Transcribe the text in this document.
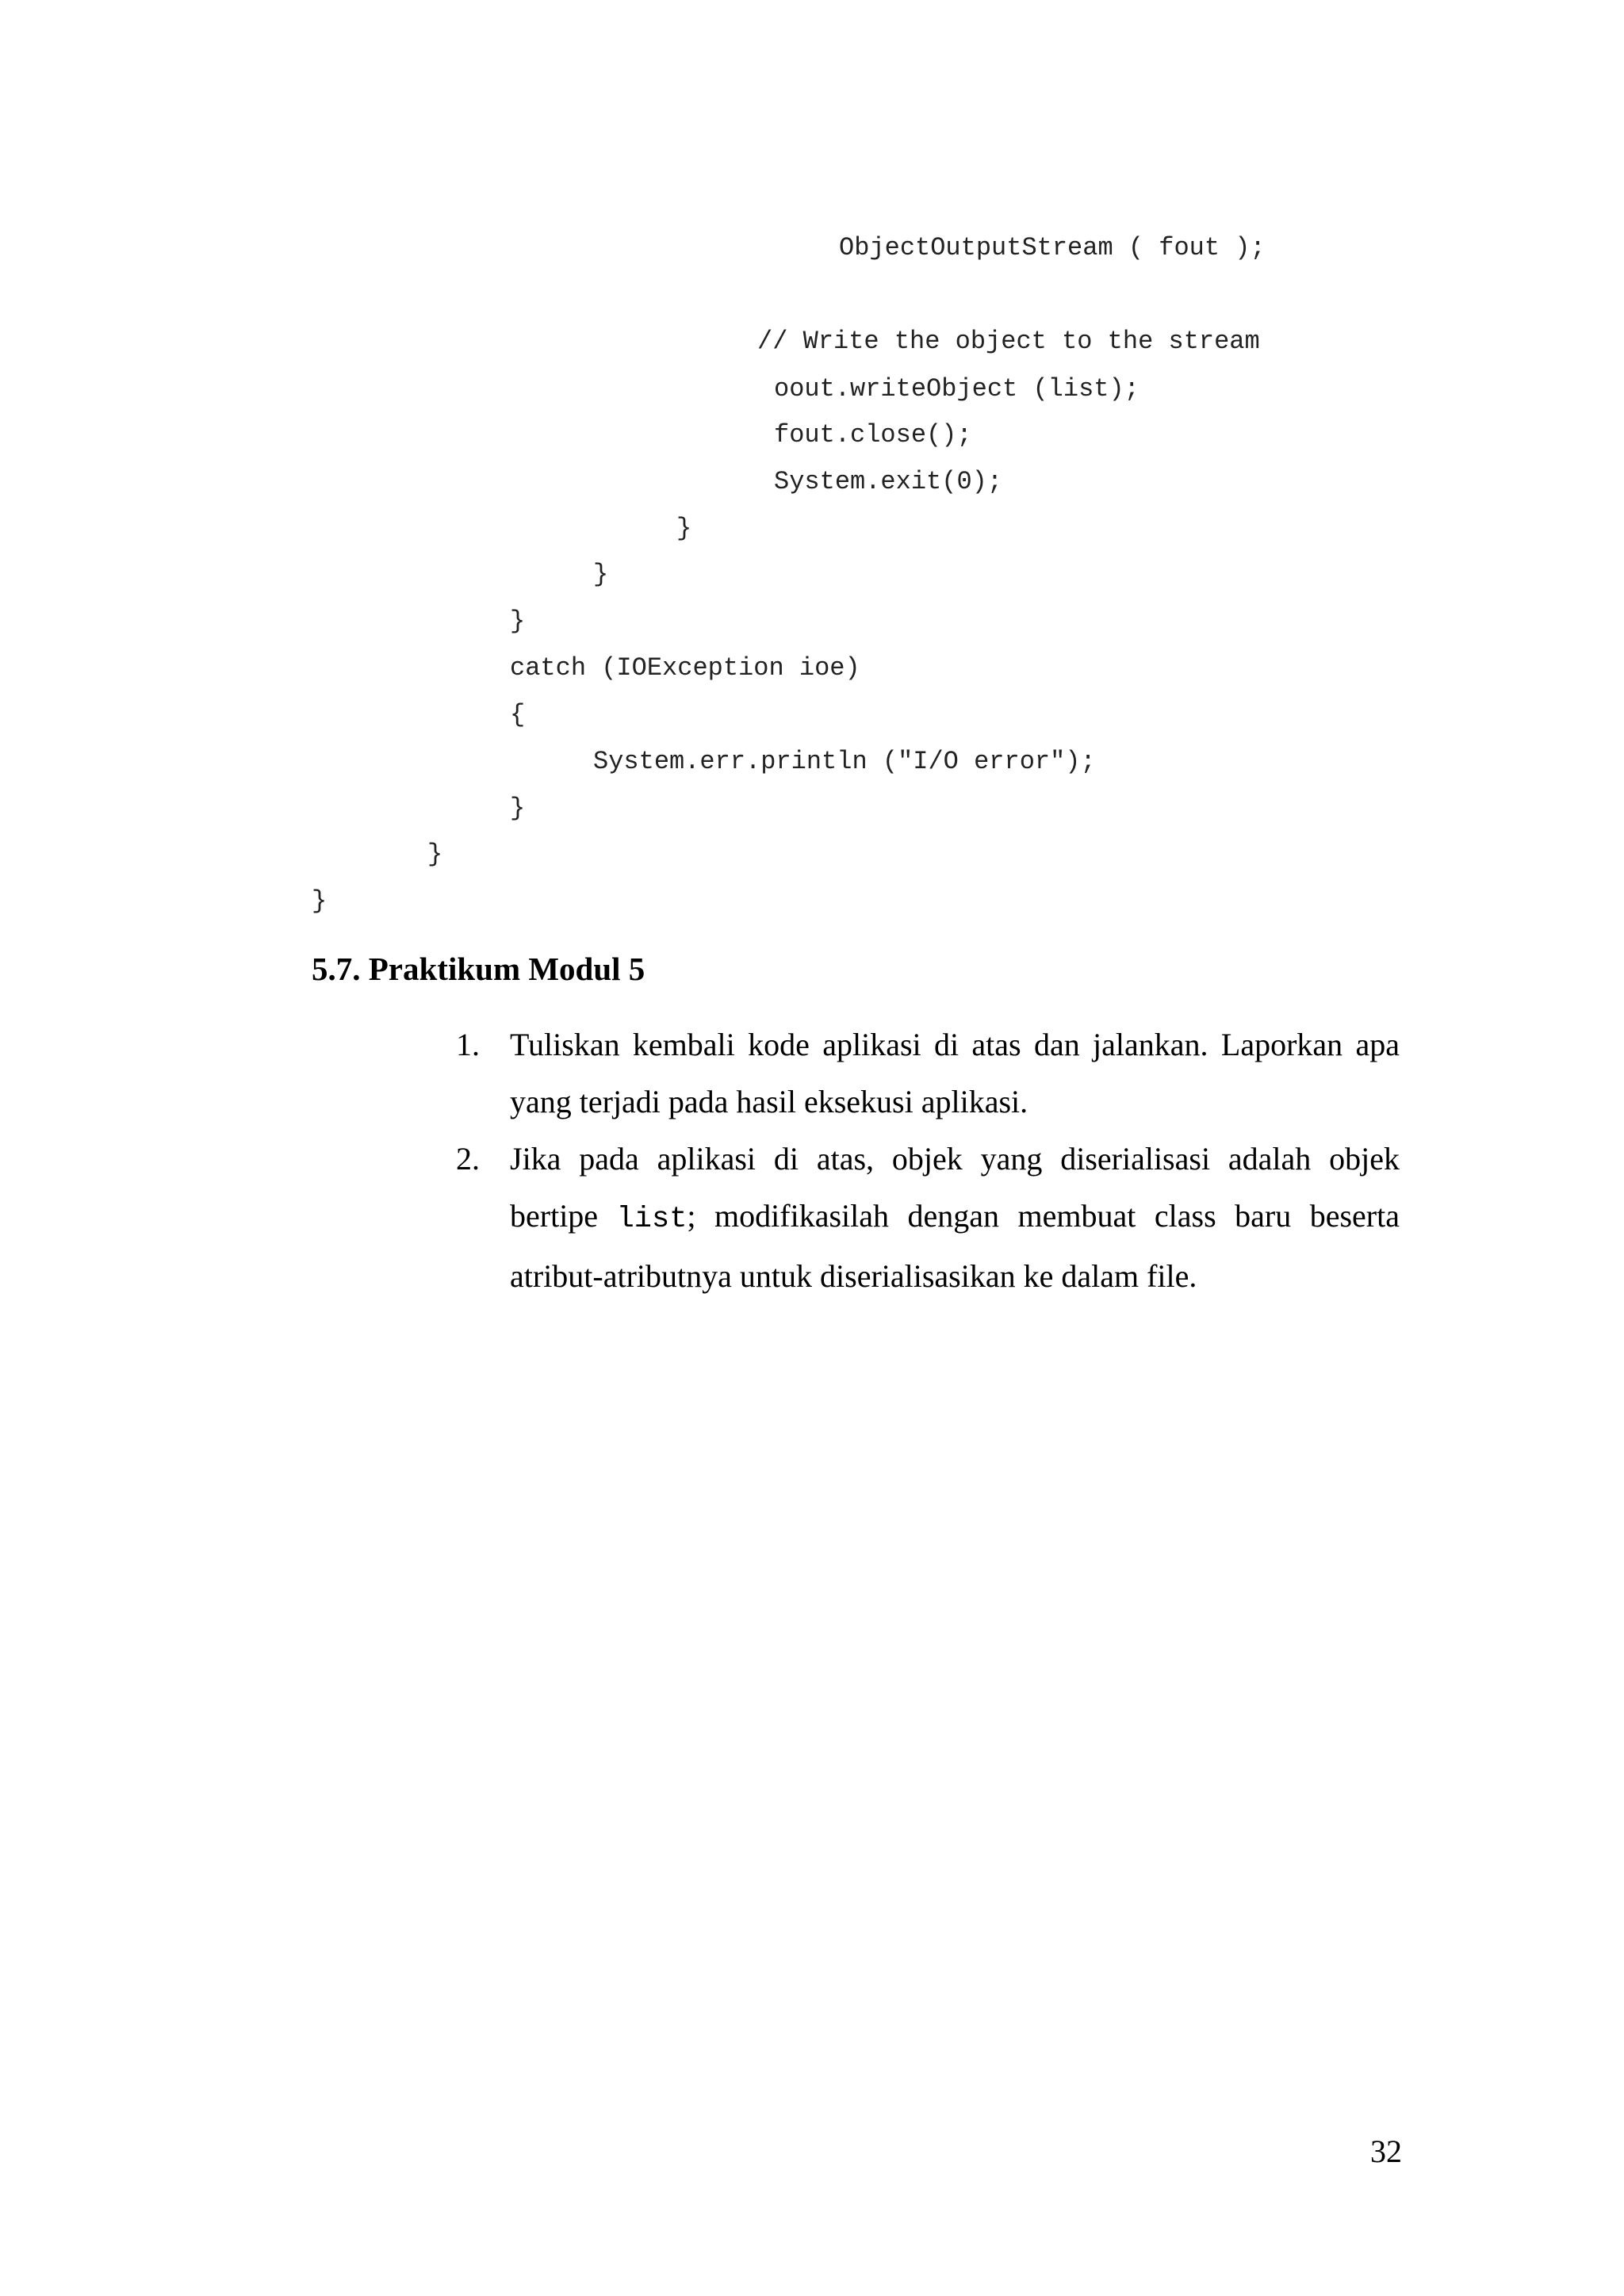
ObjectOutputStream ( fout );
// Write the object to the stream
oout.writeObject (list);
fout.close();
System.exit(0);
}
}
}
catch (IOException ioe)
{
System.err.println ("I/O error");
}
}
}
5.7. Praktikum Modul 5
1. Tuliskan kembali kode aplikasi di atas dan jalankan. Laporkan apa yang terjadi pada hasil eksekusi aplikasi.
2. Jika pada aplikasi di atas, objek yang diserialisasi adalah objek bertipe list; modifikasilah dengan membuat class baru beserta atribut-atributnya untuk diserialisasikan ke dalam file.
32
